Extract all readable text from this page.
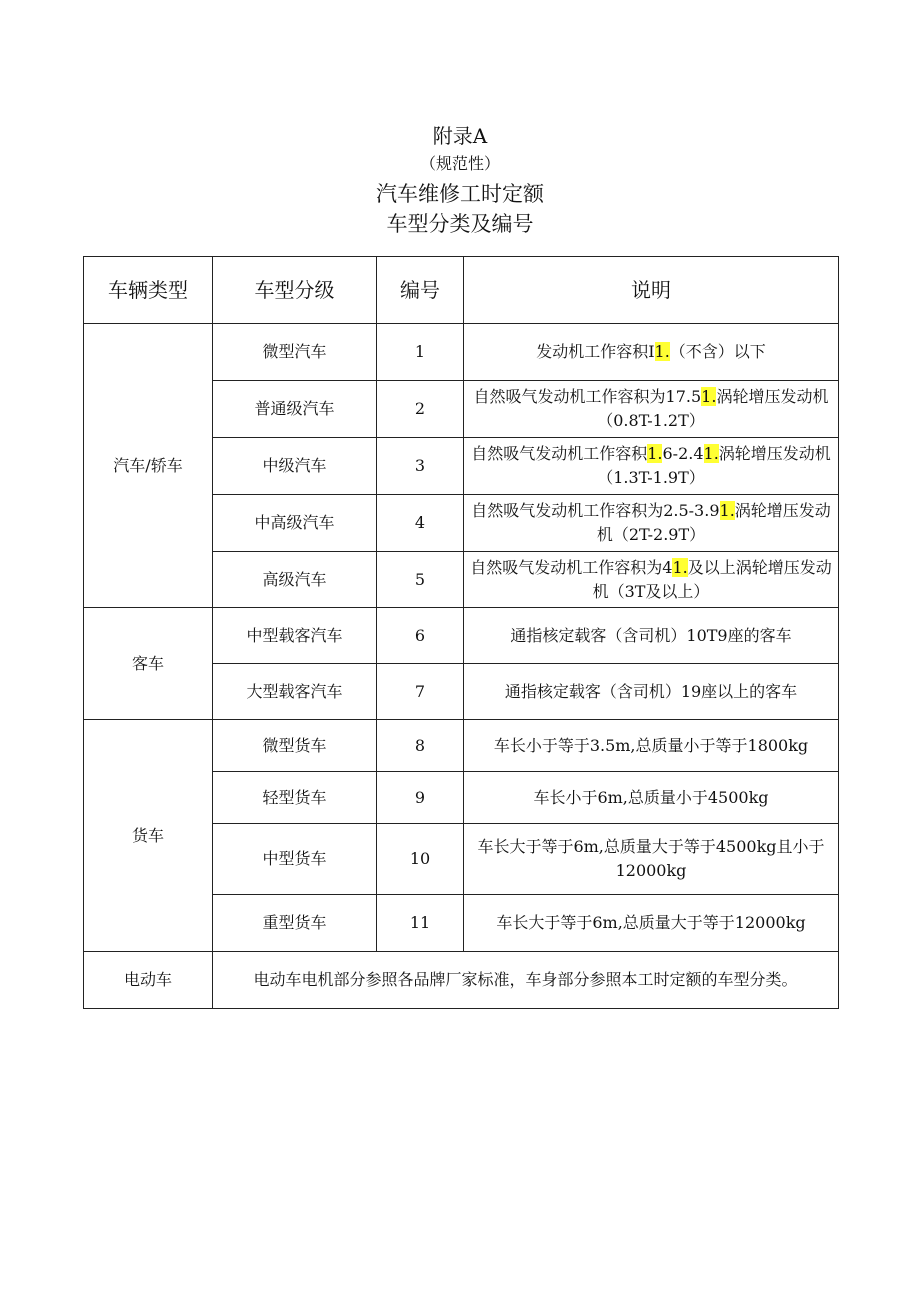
附录A
（规范性）
汽车维修工时定额
车型分类及编号
车辆类型	车型分级	编号	说明
汽车/轿车	微型汽车	1	发动机工作容积I1.（不含）以下
	普通级汽车	2	自然吸气发动机工作容积为17.51.涡轮增压发动机（0.8T-1.2T）
	中级汽车	3	自然吸气发动机工作容积1.6-2.41.涡轮增压发动机（1.3T-1.9T）
	中高级汽车	4	自然吸气发动机工作容积为2.5-3.91.涡轮增压发动机（2T-2.9T）
	高级汽车	5	自然吸气发动机工作容积为41.及以上涡轮增压发动机（3T及以上）
客车	中型载客汽车	6	通指核定载客（含司机）10T9座的客车
	大型载客汽车	7	通指核定载客（含司机）19座以上的客车
货车	微型货车	8	车长小于等于3.5m,总质量小于等于1800kg
	轻型货车	9	车长小于6m,总质量小于4500kg
	中型货车	10	车长大于等于6m,总质量大于等于4500kg且小于12000kg
	重型货车	11	车长大于等于6m,总质量大于等于12000kg
电动车	电动车电机部分参照各品牌厂家标准，车身部分参照本工时定额的车型分类。		
